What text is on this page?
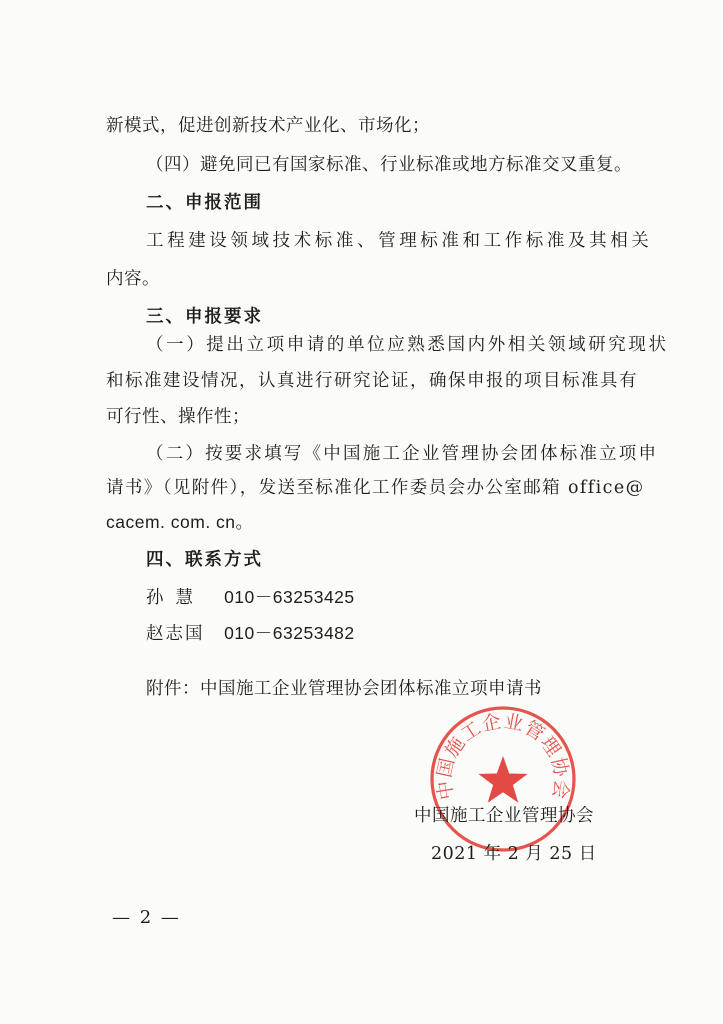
新模式，促进创新技术产业化、市场化；
（四）避免同已有国家标准、行业标准或地方标准交叉重复。
二、申报范围
工程建设领域技术标准、管理标准和工作标准及其相关
内容。
三、申报要求
（一）提出立项申请的单位应熟悉国内外相关领域研究现状
和标准建设情况，认真进行研究论证，确保申报的项目标准具有
可行性、操作性；
（二）按要求填写《中国施工企业管理协会团体标准立项申
请书》（见附件），发送至标准化工作委员会办公室邮箱 office@
cacem. com. cn。
四、联系方式
孙慧 010－63253425
赵志国 010－63253482
附件：中国施工企业管理协会团体标准立项申请书
中国施工企业管理协会
中国施工企业管理协会
2021 年 2 月 25 日
— 2 —
